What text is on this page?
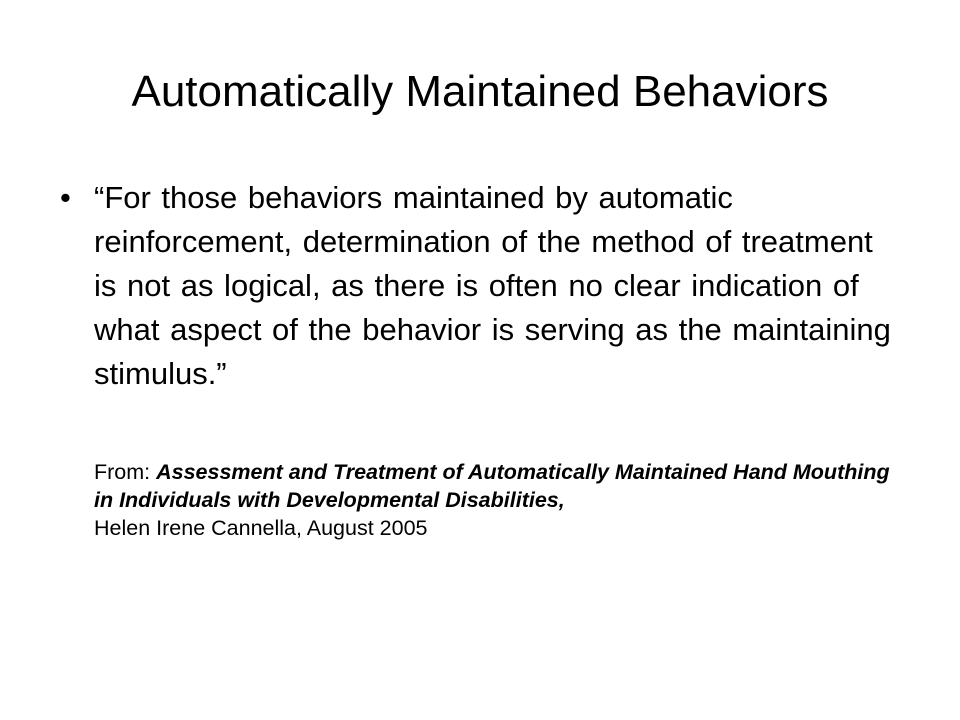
Automatically Maintained Behaviors
• “For those behaviors maintained by automatic reinforcement, determination of the method of treatment is not as logical, as there is often no clear indication of what aspect of the behavior is serving as the maintaining stimulus.”
From: Assessment and Treatment of Automatically Maintained Hand Mouthing in Individuals with Developmental Disabilities,
Helen Irene Cannella, August 2005
